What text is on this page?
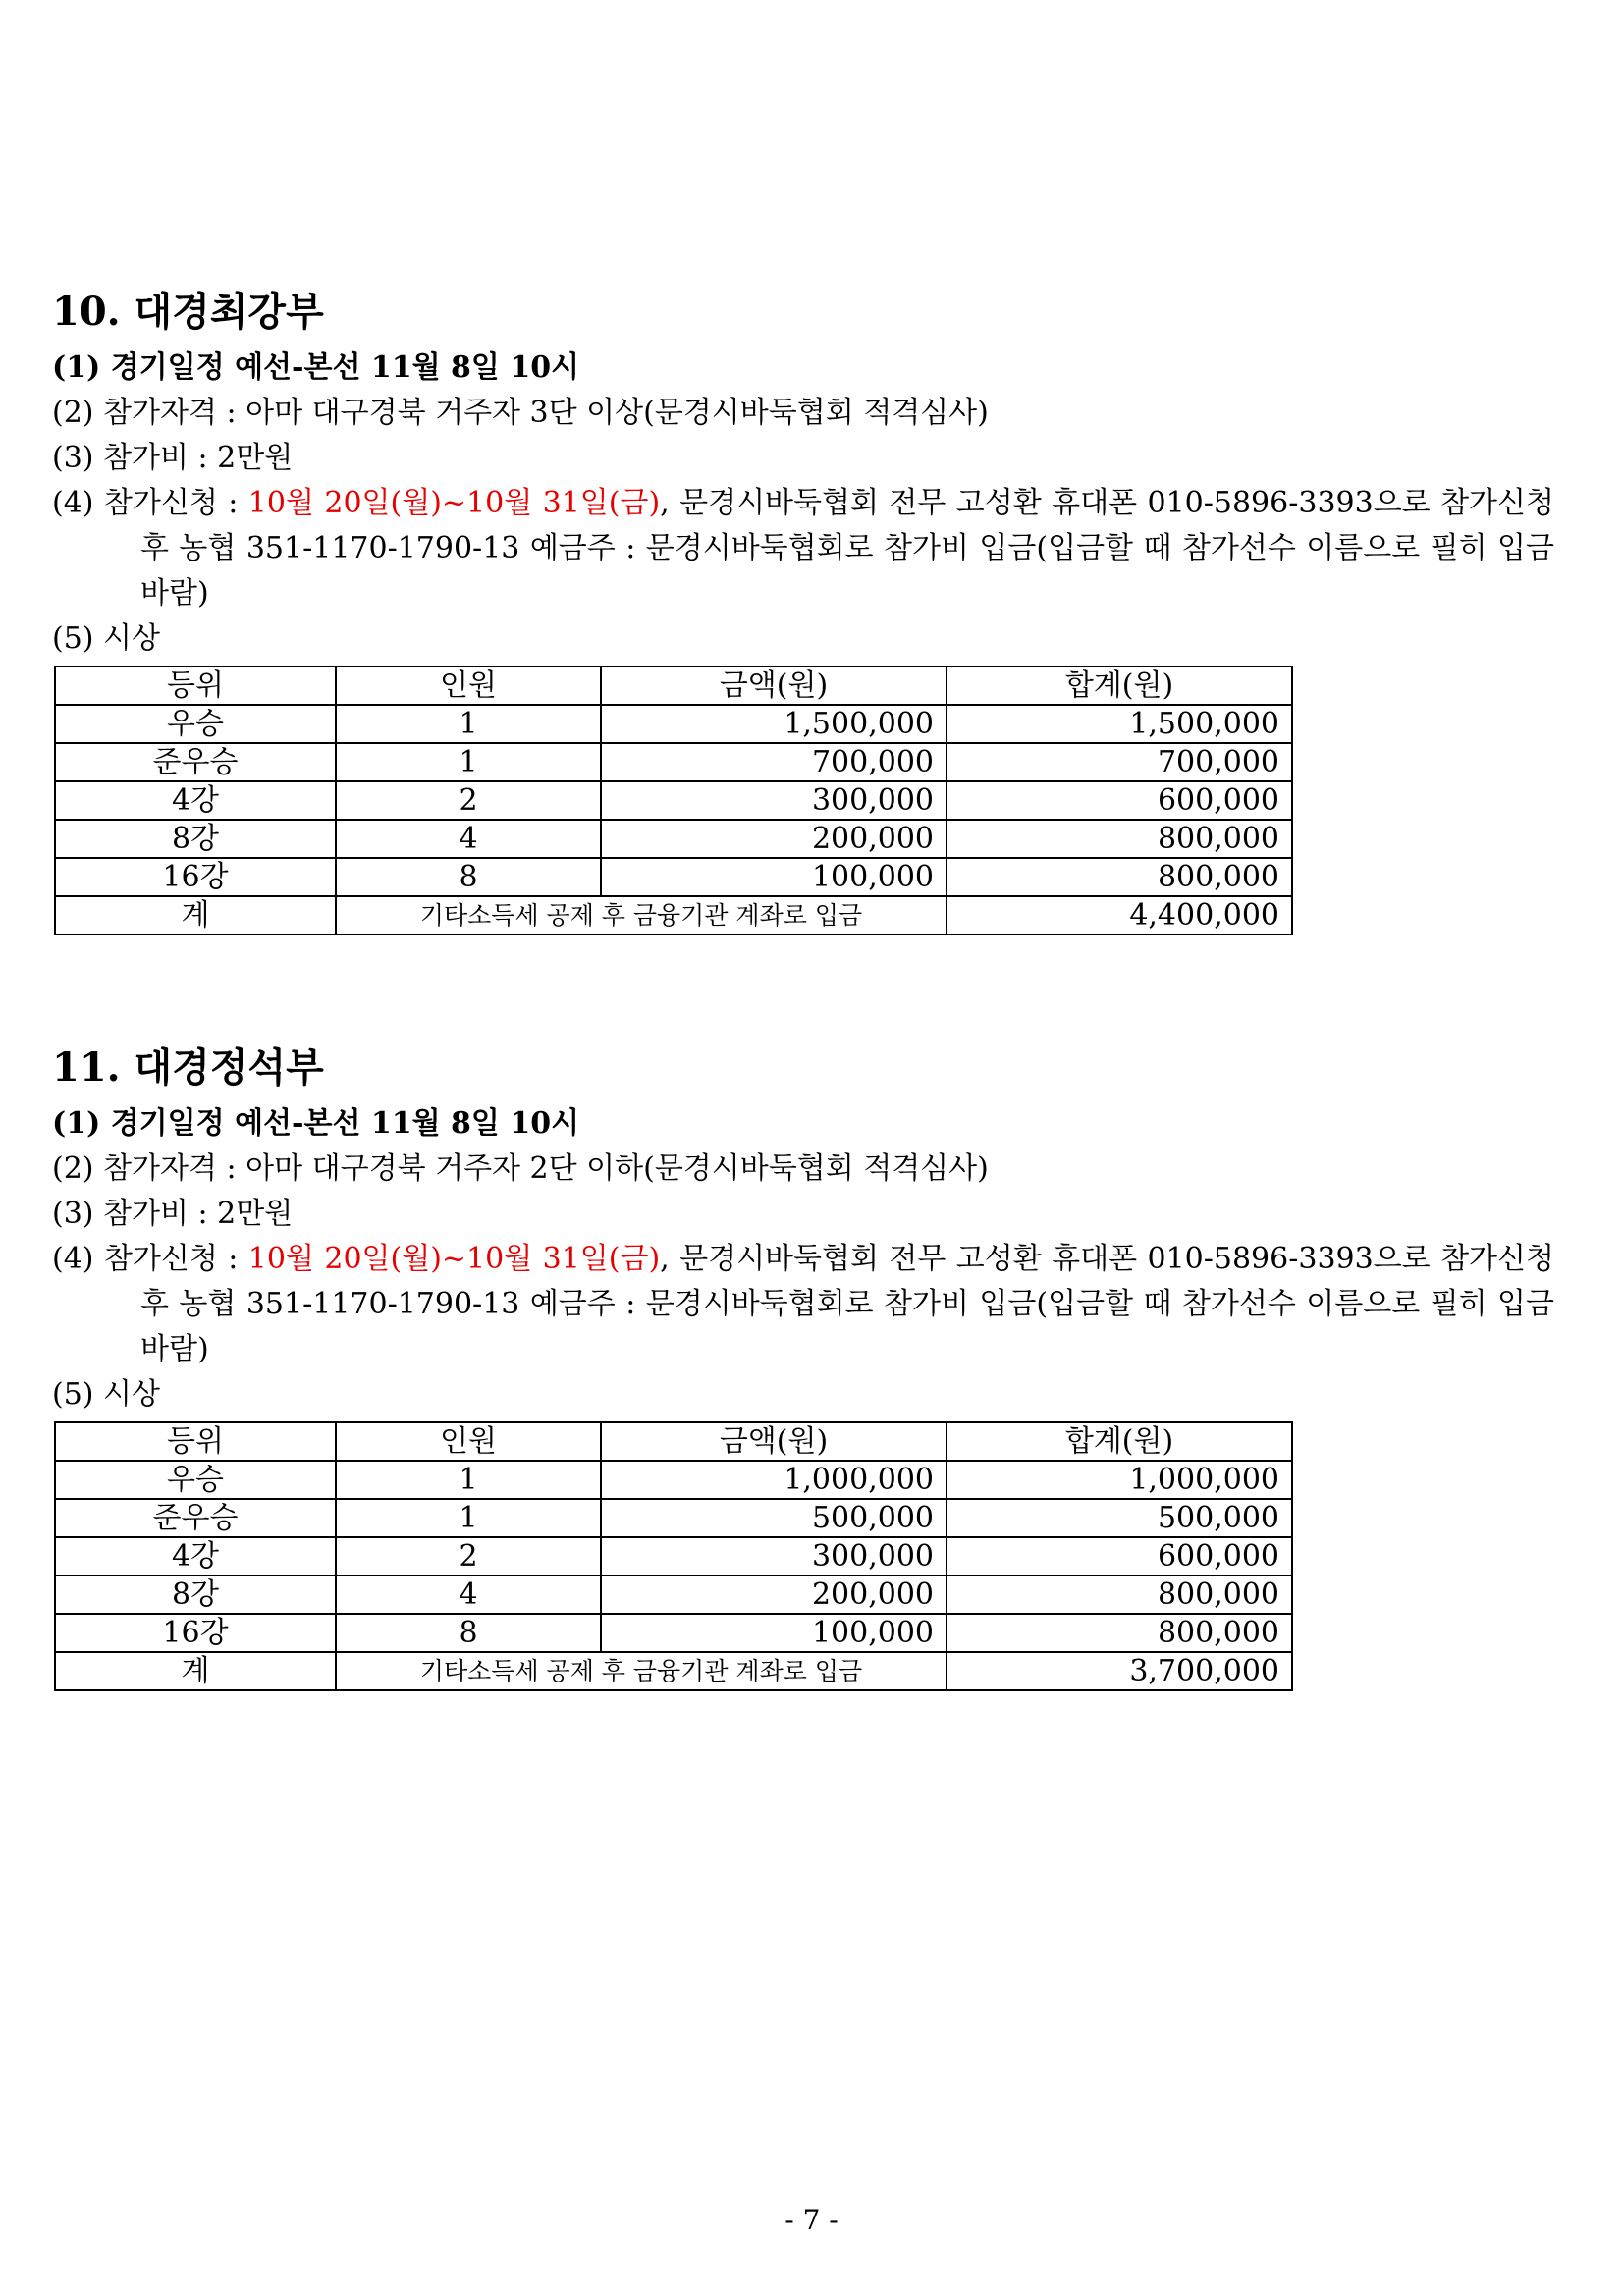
10. 대경최강부
(1) 경기일정 예선-본선 11월 8일 10시
(2) 참가자격 : 아마 대구경북 거주자 3단 이상(문경시바둑협회 적격심사)
(3) 참가비 : 2만원
(4) 참가신청 : 10월 20일(월)~10월 31일(금), 문경시바둑협회 전무 고성환 휴대폰 010-5896-3393으로 참가신청 후 농협 351-1170-1790-13 예금주 : 문경시바둑협회로 참가비 입금(입금할 때 참가선수 이름으로 필히 입금바람)
(5) 시상
등위	인원	금액(원)	합계(원)
우승	1	1,500,000	1,500,000
준우승	1	700,000	700,000
4강	2	300,000	600,000
8강	4	200,000	800,000
16강	8	100,000	800,000
계	기타소득세 공제 후 금융기관 계좌로 입금		4,400,000
11. 대경정석부
(1) 경기일정 예선-본선 11월 8일 10시
(2) 참가자격 : 아마 대구경북 거주자 2단 이하(문경시바둑협회 적격심사)
(3) 참가비 : 2만원
(4) 참가신청 : 10월 20일(월)~10월 31일(금), 문경시바둑협회 전무 고성환 휴대폰 010-5896-3393으로 참가신청 후 농협 351-1170-1790-13 예금주 : 문경시바둑협회로 참가비 입금(입금할 때 참가선수 이름으로 필히 입금바람)
(5) 시상
등위	인원	금액(원)	합계(원)
우승	1	1,000,000	1,000,000
준우승	1	500,000	500,000
4강	2	300,000	600,000
8강	4	200,000	800,000
16강	8	100,000	800,000
계	기타소득세 공제 후 금융기관 계좌로 입금		3,700,000
- 7 -
